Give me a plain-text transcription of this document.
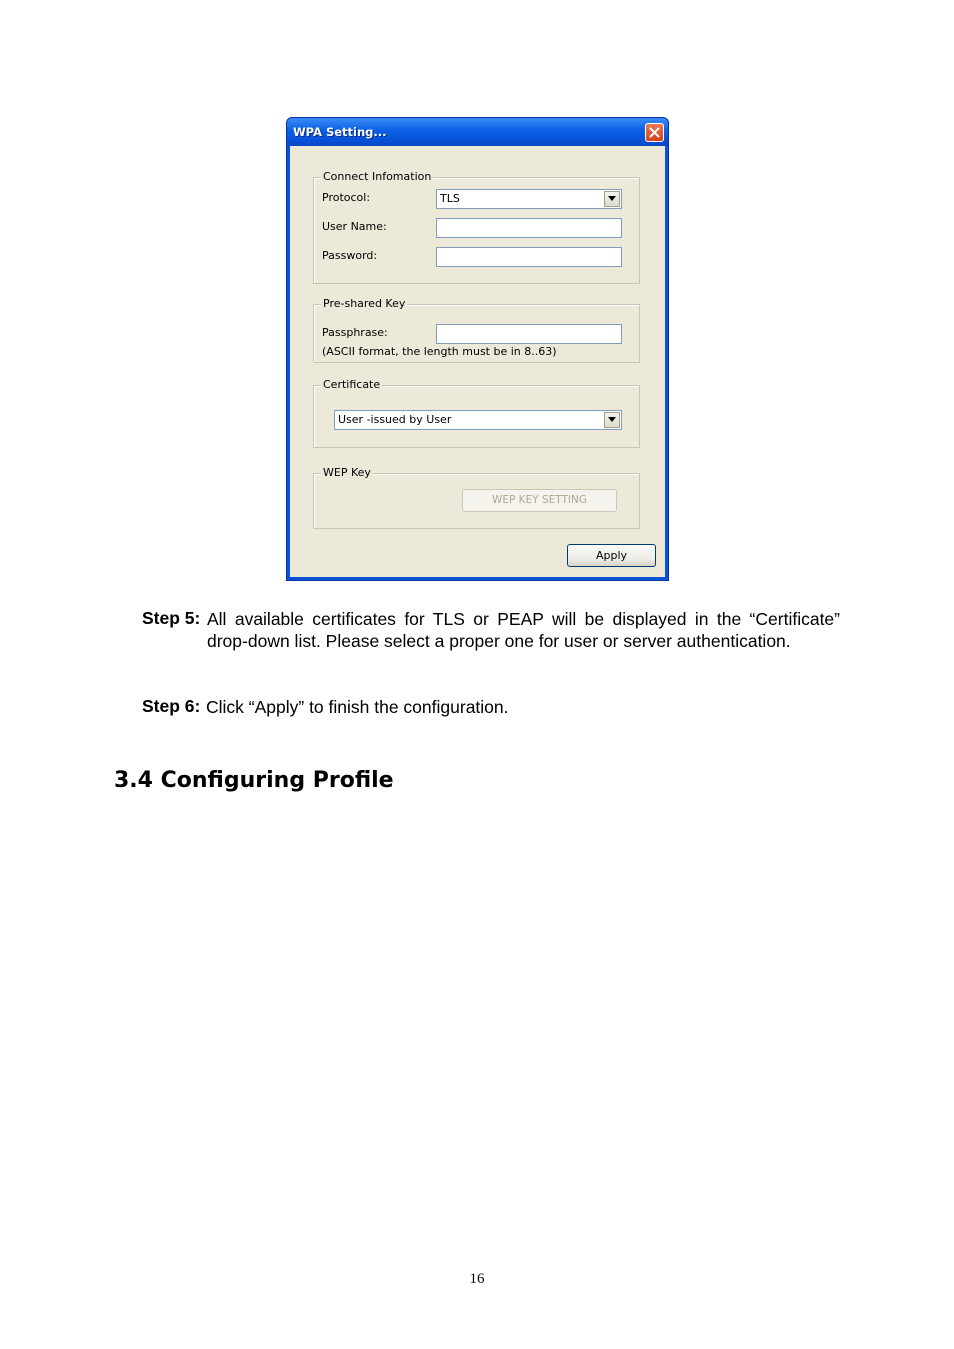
WPA Setting...
Connect Infomation
Protocol:	TLS
User Name:
Password:
Pre-shared Key
Passphrase:
(ASCII format, the length must be in 8..63)
Certificate
User -issued by User
WEP Key
WEP KEY SETTING
Apply
Step 5: All available certificates for TLS or PEAP will be displayed in the “Certificate” drop-down list. Please select a proper one for user or server authentication.
Step 6: Click “Apply” to finish the configuration.
3.4 Configuring Profile
16
